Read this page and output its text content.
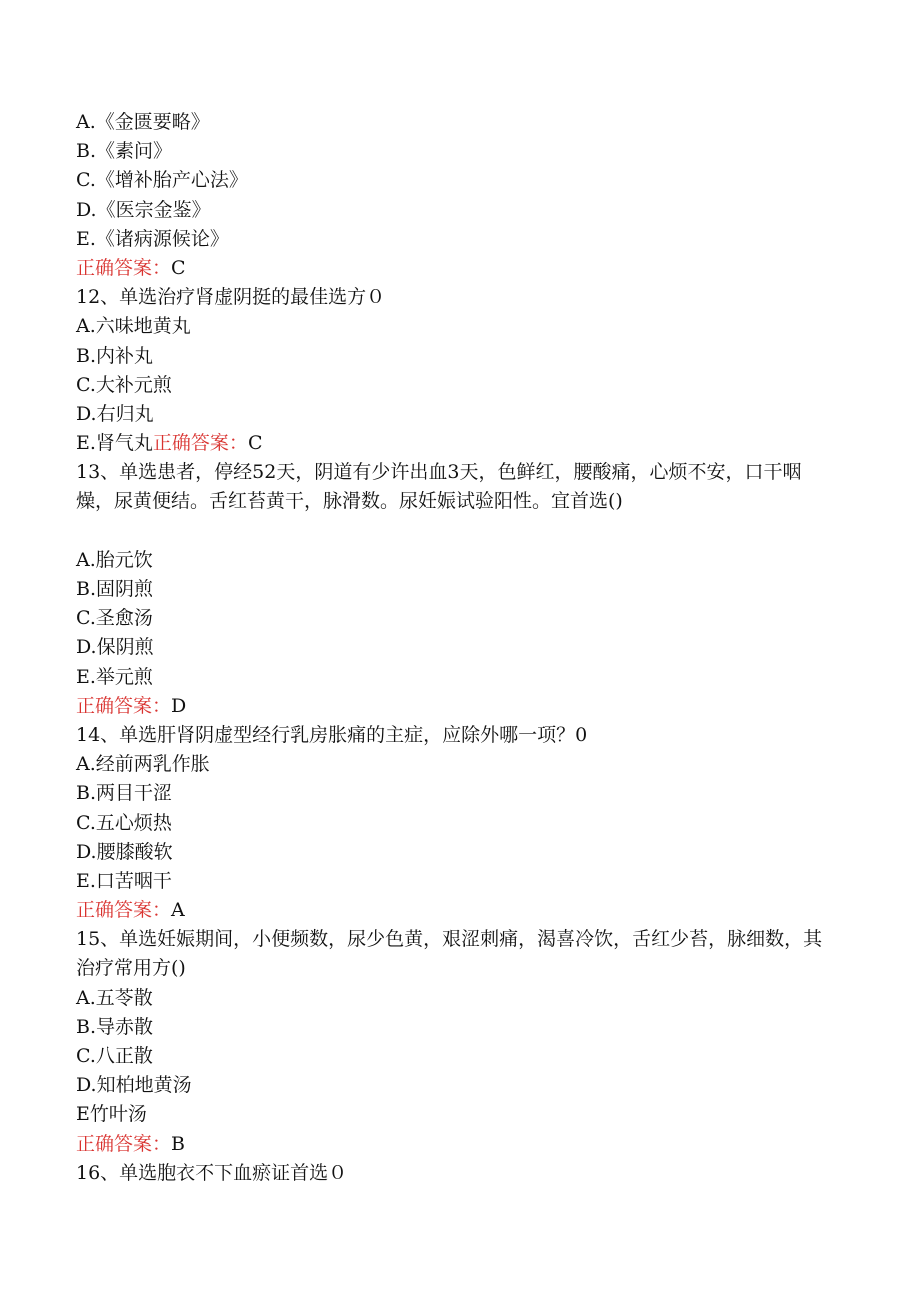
A.《金匮要略》
B.《素问》
C.《增补胎产心法》
D.《医宗金鉴》
E.《诸病源候论》
正确答案：C
12、单选治疗肾虚阴挺的最佳选方０
A.六味地黄丸
B.内补丸
C.大补元煎
D.右归丸
E.肾气丸正确答案：C
13、单选患者，停经52天，阴道有少许出血3天，色鲜红，腰酸痛，心烦不安，口干咽燥，尿黄便结。舌红苔黄干，脉滑数。尿妊娠试验阳性。宜首选()
A.胎元饮
B.固阴煎
C.圣愈汤
D.保阴煎
E.举元煎
正确答案：D
14、单选肝肾阴虚型经行乳房胀痛的主症，应除外哪一项？0
A.经前两乳作胀
B.两目干涩
C.五心烦热
D.腰膝酸软
E.口苦咽干
正确答案：A
15、单选妊娠期间，小便频数，尿少色黄，艰涩刺痛，渴喜冷饮，舌红少苔，脉细数，其治疗常用方()
A.五苓散
B.导赤散
C.八正散
D.知柏地黄汤
E竹叶汤
正确答案：B
16、单选胞衣不下血瘀证首选０
